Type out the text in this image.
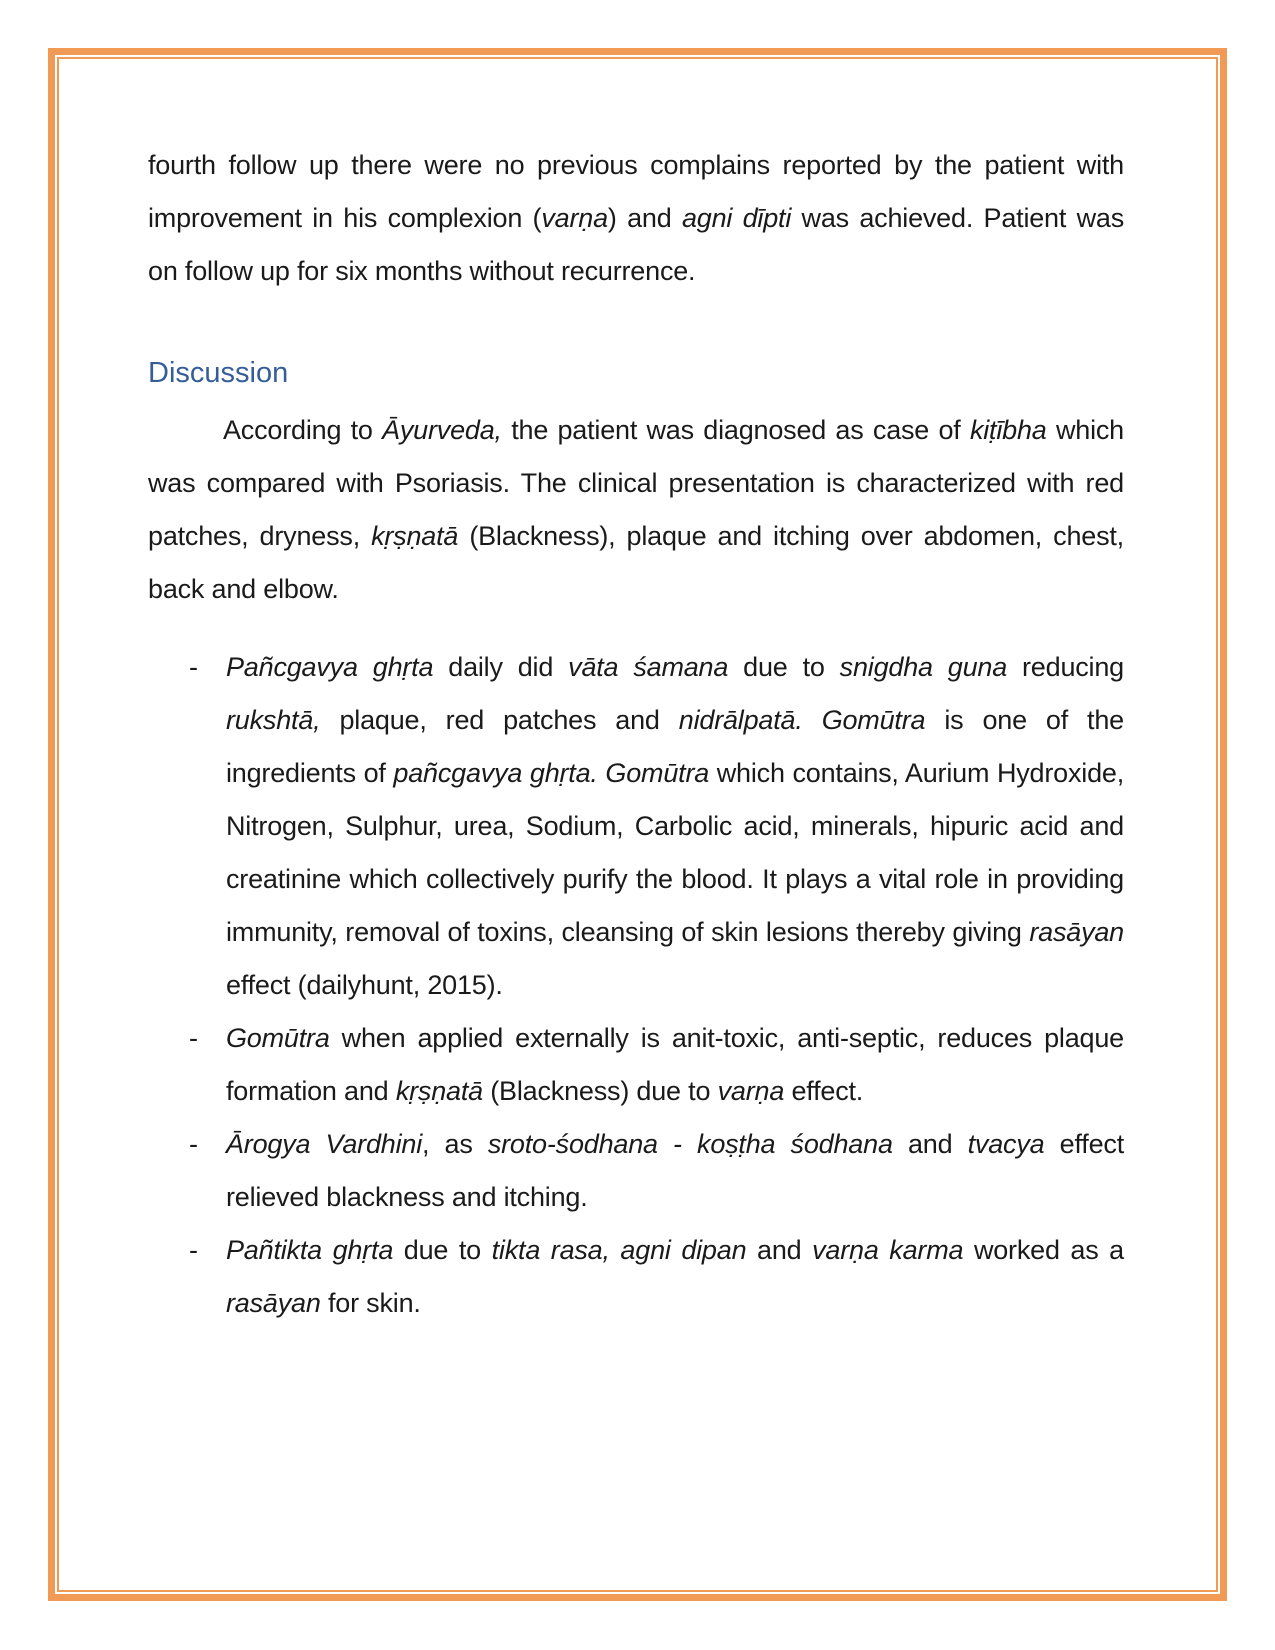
fourth follow up there were no previous complains reported by the patient with improvement in his complexion (varṇa) and agni dīpti was achieved. Patient was on follow up for six months without recurrence.

Discussion

According to Āyurveda, the patient was diagnosed as case of kiṭībha which was compared with Psoriasis. The clinical presentation is characterized with red patches, dryness, kṛṣṇatā (Blackness), plaque and itching over abdomen, chest, back and elbow.

- Pañcgavya ghṛta daily did vāta śamana due to snigdha guna reducing rukshtā, plaque, red patches and nidrālpatā. Gomūtra is one of the ingredients of pañcgavya ghṛta. Gomūtra which contains, Aurium Hydroxide, Nitrogen, Sulphur, urea, Sodium, Carbolic acid, minerals, hipuric acid and creatinine which collectively purify the blood. It plays a vital role in providing immunity, removal of toxins, cleansing of skin lesions thereby giving rasāyan effect (dailyhunt, 2015).
- Gomūtra when applied externally is anit-toxic, anti-septic, reduces plaque formation and kṛṣṇatā (Blackness) due to varṇa effect.
- Ārogya Vardhini, as sroto-śodhana - koṣṭha śodhana and tvacya effect relieved blackness and itching.
- Pañtikta ghṛta due to tikta rasa, agni dipan and varṇa karma worked as a rasāyan for skin.
